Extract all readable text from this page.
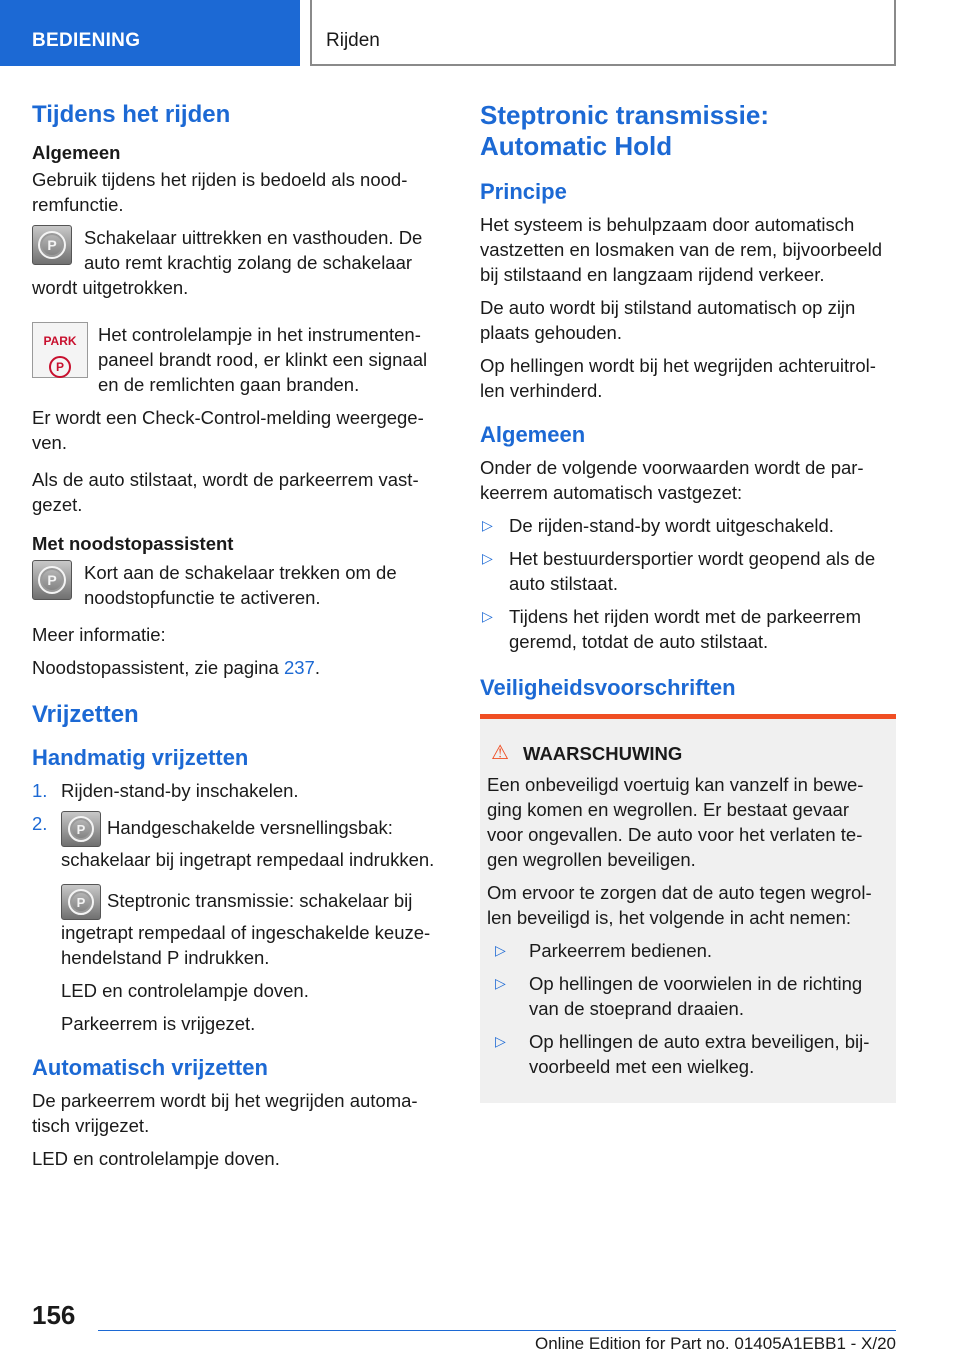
BEDIENING	Rijden
Tijdens het rijden
Algemeen

Gebruik tijdens het rijden is bedoeld als nood-remfunctie.

P	Schakelaar uittrekken en vasthouden. De auto remt krachtig zolang de schakelaar wordt uitgetrokken.
PARK
P
Het controlelampje in het instrumenten-paneel brandt rood, er klinkt een signaal en de remlichten gaan branden.

Er wordt een Check-Control-melding weergege-ven.

Als de auto stilstaat, wordt de parkeerrem vast-gezet.

Met noodstopassistent
P	Kort aan de schakelaar trekken om de noodstopfunctie te activeren.

Meer informatie:

Noodstopassistent, zie pagina 237.

Vrijzetten
Handmatig vrijzetten
1. Rijden-stand-by inschakelen.
2.	P	Handgeschakelde versnellingsbak: schakelaar bij ingetrapt rempedaal indrukken.
P	Steptronic transmissie: schakelaar bij ingetrapt rempedaal of ingeschakelde keuze-hendelstand P indrukken.
LED en controlelampje doven.
Parkeerrem is vrijgezet.
Automatisch vrijzetten

De parkeerrem wordt bij het wegrijden automa-tisch vrijgezet.

LED en controlelampje doven.

Steptronic transmissie: Automatic Hold
Principe

Het systeem is behulpzaam door automatisch vastzetten en losmaken van de rem, bijvoorbeeld bij stilstaand en langzaam rijdend verkeer.

De auto wordt bij stilstand automatisch op zijn plaats gehouden.

Op hellingen wordt bij het wegrijden achteruitrol-len verhinderd.

Algemeen

Onder de volgende voorwaarden wordt de par-keerrem automatisch vastgezet:

▷ De rijden-stand-by wordt uitgeschakeld.
▷ Het bestuurdersportier wordt geopend als de auto stilstaat.
▷ Tijdens het rijden wordt met de parkeerrem geremd, totdat de auto stilstaat.
Veiligheidsvoorschriften
⚠ WAARSCHUWING

Een onbeveiligd voertuig kan vanzelf in bewe-ging komen en wegrollen. Er bestaat gevaar voor ongevallen. De auto voor het verlaten te-gen wegrollen beveiligen.

Om ervoor te zorgen dat de auto tegen wegrol-len beveiligd is, het volgende in acht nemen:

▷ Parkeerrem bedienen.
▷ Op hellingen de voorwielen in de richting van de stoeprand draaien.
▷ Op hellingen de auto extra beveiligen, bij-voorbeeld met een wielkeg.
156
Online Edition for Part no. 01405A1EBB1 - X/20
